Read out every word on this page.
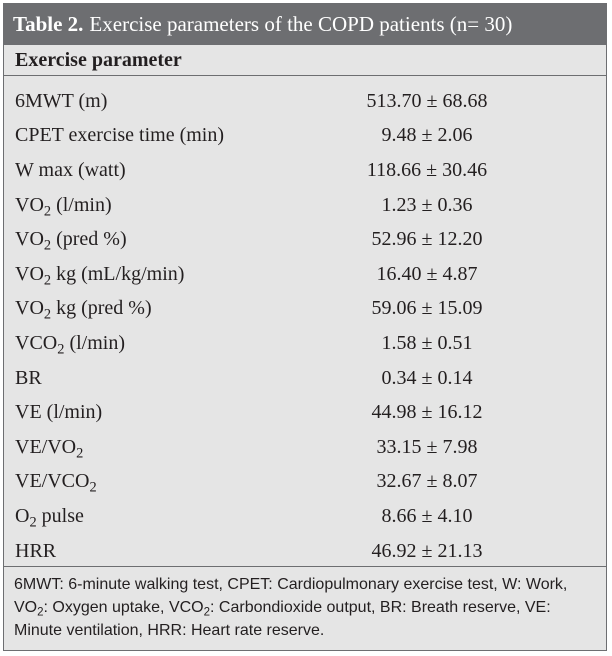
Table 2. Exercise parameters of the COPD patients (n= 30)
Exercise parameter
6MWT (m)	513.70 ± 68.68
CPET exercise time (min)	9.48 ± 2.06
W max (watt)	118.66 ± 30.46
$VO_2$ (l/min)	1.23 ± 0.36
$VO_2$ (pred %)	52.96 ± 12.20
$VO_2$ kg (mL/kg/min)	16.40 ± 4.87
$VO_2$ kg (pred %)	59.06 ± 15.09
$VCO_2$ (l/min)	1.58 ± 0.51
BR	0.34 ± 0.14
VE (l/min)	44.98 ± 16.12
$VE/VO_2$	33.15 ± 7.98
$VE/VCO_2$	32.67 ± 8.07
$O_2$ pulse	8.66 ± 4.10
HRR	46.92 ± 21.13
6MWT: 6-minute walking test, CPET: Cardiopulmonary exercise test, W: Work, $VO_2$: Oxygen uptake, $VCO_2$: Carbondioxide output, BR: Breath reserve, VE: Minute ventilation, HRR: Heart rate reserve.
